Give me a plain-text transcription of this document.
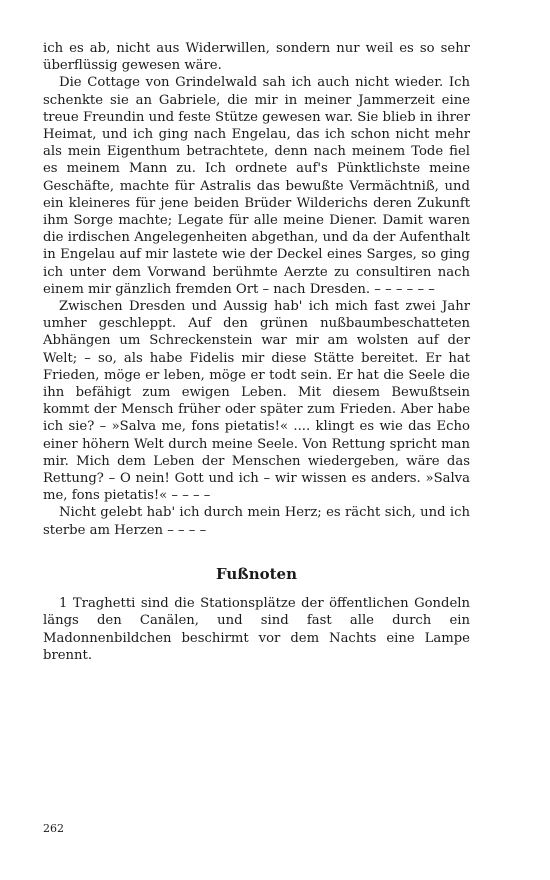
ich es ab, nicht aus Widerwillen, sondern nur weil es so sehr überflüssig gewesen wäre.

Die Cottage von Grindelwald sah ich auch nicht wieder. Ich schenkte sie an Gabriele, die mir in meiner Jammerzeit eine treue Freundin und feste Stütze gewesen war. Sie blieb in ihrer Heimat, und ich ging nach Engelau, das ich schon nicht mehr als mein Eigenthum betrachtete, denn nach meinem Tode fiel es meinem Mann zu. Ich ordnete auf's Pünktlichste meine Geschäfte, machte für Astralis das bewußte Vermächtniß, und ein kleineres für jene beiden Brüder Wilderichs deren Zukunft ihm Sorge machte; Legate für alle meine Diener. Damit waren die irdischen Angelegenheiten abgethan, und da der Aufenthalt in Engelau auf mir lastete wie der Deckel eines Sarges, so ging ich unter dem Vorwand berühmte Aerzte zu consultiren nach einem mir gänzlich fremden Ort – nach Dresden. – – – – – –

Zwischen Dresden und Aussig hab' ich mich fast zwei Jahr umher geschleppt. Auf den grünen nußbaumbeschatteten Abhängen um Schreckenstein war mir am wolsten auf der Welt; – so, als habe Fidelis mir diese Stätte bereitet. Er hat Frieden, möge er leben, möge er todt sein. Er hat die Seele die ihn befähigt zum ewigen Leben. Mit diesem Bewußtsein kommt der Mensch früher oder später zum Frieden. Aber habe ich sie? – »Salva me, fons pietatis!« .... klingt es wie das Echo einer höhern Welt durch meine Seele. Von Rettung spricht man mir. Mich dem Leben der Menschen wiedergeben, wäre das Rettung? – O nein! Gott und ich – wir wissen es anders. »Salva me, fons pietatis!« – – – –

Nicht gelebt hab' ich durch mein Herz; es rächt sich, und ich sterbe am Herzen – – – –

Fußnoten

1 Traghetti sind die Stationsplätze der öffentlichen Gondeln längs den Canälen, und sind fast alle durch ein Madonnenbildchen beschirmt vor dem Nachts eine Lampe brennt.

262
